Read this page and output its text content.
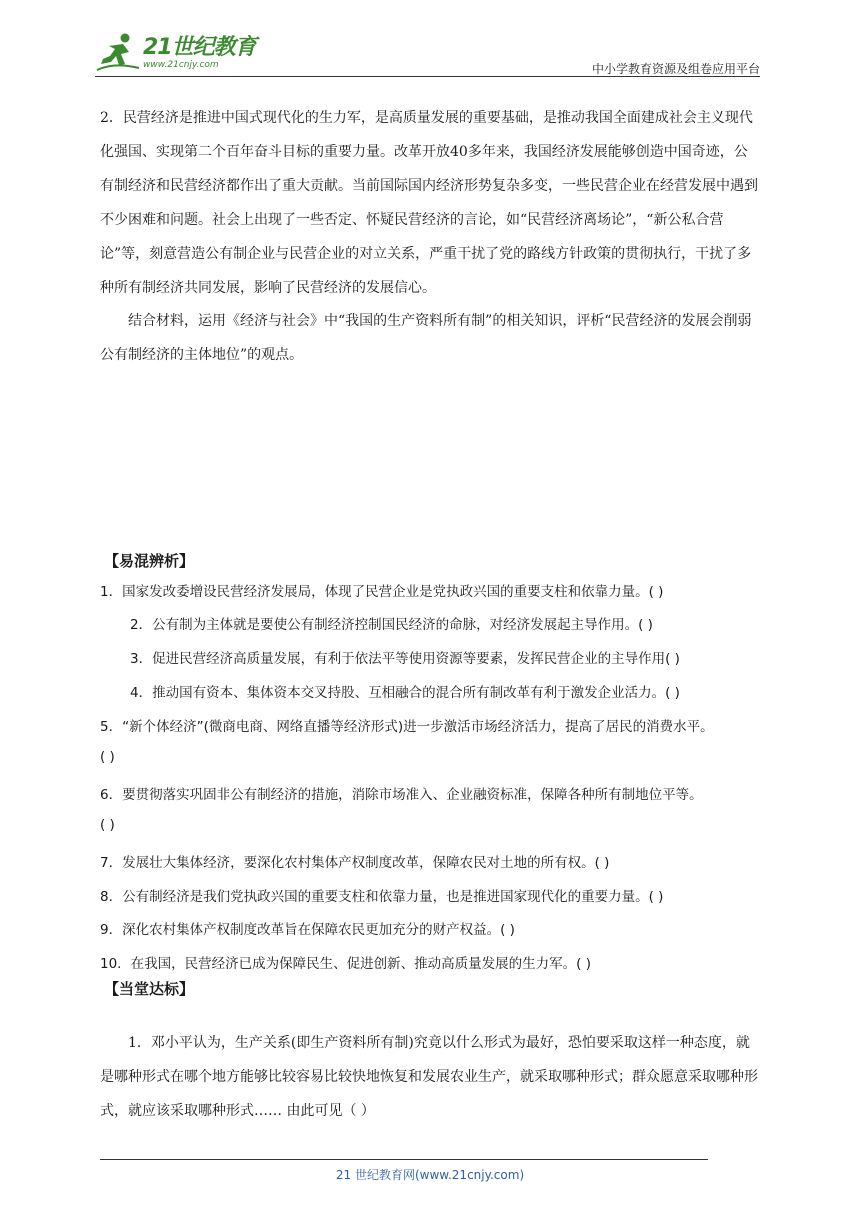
21世纪教育
www.21cnjy.com	中小学教育资源及组卷应用平台
2．民营经济是推进中国式现代化的生力军，是高质量发展的重要基础，是推动我国全面建成社会主义现代化强国、实现第二个百年奋斗目标的重要力量。改革开放40多年来，我国经济发展能够创造中国奇迹，公有制经济和民营经济都作出了重大贡献。当前国际国内经济形势复杂多变，一些民营企业在经营发展中遇到不少困难和问题。社会上出现了一些否定、怀疑民营经济的言论，如“民营经济离场论”，“新公私合营论”等，刻意营造公有制企业与民营企业的对立关系，严重干扰了党的路线方针政策的贯彻执行，干扰了多种所有制经济共同发展，影响了民营经济的发展信心。
结合材料，运用《经济与社会》中“我国的生产资料所有制”的相关知识，评析“民营经济的发展会削弱公有制经济的主体地位”的观点。
【易混辨析】
1．国家发改委增设民营经济发展局，体现了民营企业是党执政兴国的重要支柱和依靠力量。( )
2．公有制为主体就是要使公有制经济控制国民经济的命脉，对经济发展起主导作用。( )
3．促进民营经济高质量发展，有利于依法平等使用资源等要素，发挥民营企业的主导作用( )
4．推动国有资本、集体资本交叉持股、互相融合的混合所有制改革有利于激发企业活力。( )
5．“新个体经济”(微商电商、网络直播等经济形式)进一步激活市场经济活力，提高了居民的消费水平。
( )
6．要贯彻落实巩固非公有制经济的措施，消除市场准入、企业融资标准，保障各种所有制地位平等。
( )
7．发展壮大集体经济，要深化农村集体产权制度改革，保障农民对土地的所有权。( )
8．公有制经济是我们党执政兴国的重要支柱和依靠力量，也是推进国家现代化的重要力量。( )
9．深化农村集体产权制度改革旨在保障农民更加充分的财产权益。( )
10．在我国，民营经济已成为保障民生、促进创新、推动高质量发展的生力军。( )
【当堂达标】
1．邓小平认为，生产关系(即生产资料所有制)究竟以什么形式为最好，恐怕要采取这样一种态度，就是哪种形式在哪个地方能够比较容易比较快地恢复和发展农业生产，就采取哪种形式；群众愿意采取哪种形式，就应该采取哪种形式…… 由此可见（ ）
21 世纪教育网(www.21cnjy.com)
